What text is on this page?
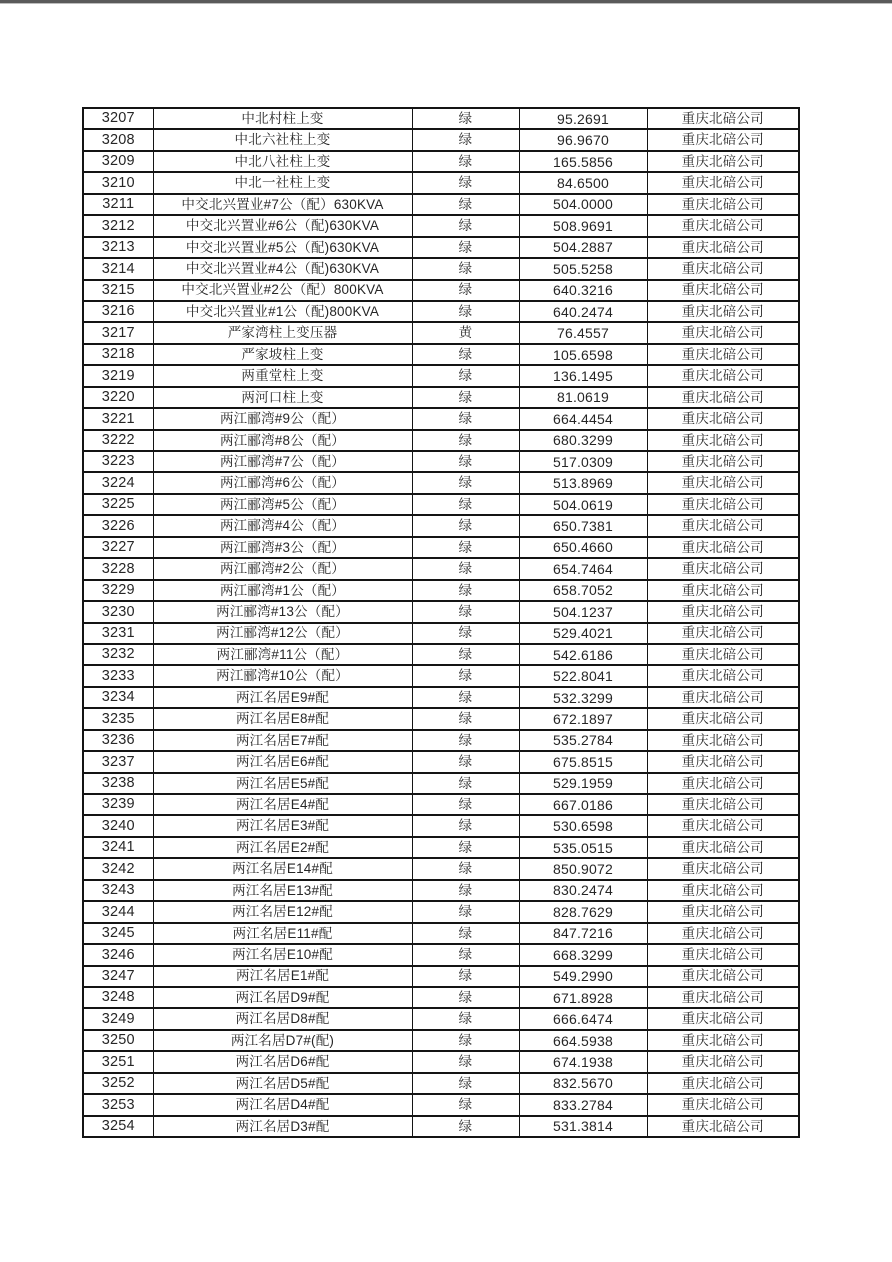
3207	中北村柱上变	绿	95.2691	重庆北碚公司
3208	中北六社柱上变	绿	96.9670	重庆北碚公司
3209	中北八社柱上变	绿	165.5856	重庆北碚公司
3210	中北一社柱上变	绿	84.6500	重庆北碚公司
3211	中交北兴置业#7公（配）630KVA	绿	504.0000	重庆北碚公司
3212	中交北兴置业#6公（配)630KVA	绿	508.9691	重庆北碚公司
3213	中交北兴置业#5公（配)630KVA	绿	504.2887	重庆北碚公司
3214	中交北兴置业#4公（配)630KVA	绿	505.5258	重庆北碚公司
3215	中交北兴置业#2公（配）800KVA	绿	640.3216	重庆北碚公司
3216	中交北兴置业#1公（配)800KVA	绿	640.2474	重庆北碚公司
3217	严家湾柱上变压器	黄	76.4557	重庆北碚公司
3218	严家坡柱上变	绿	105.6598	重庆北碚公司
3219	两重堂柱上变	绿	136.1495	重庆北碚公司
3220	两河口柱上变	绿	81.0619	重庆北碚公司
3221	两江郦湾#9公（配）	绿	664.4454	重庆北碚公司
3222	两江郦湾#8公（配）	绿	680.3299	重庆北碚公司
3223	两江郦湾#7公（配）	绿	517.0309	重庆北碚公司
3224	两江郦湾#6公（配）	绿	513.8969	重庆北碚公司
3225	两江郦湾#5公（配）	绿	504.0619	重庆北碚公司
3226	两江郦湾#4公（配）	绿	650.7381	重庆北碚公司
3227	两江郦湾#3公（配）	绿	650.4660	重庆北碚公司
3228	两江郦湾#2公（配）	绿	654.7464	重庆北碚公司
3229	两江郦湾#1公（配）	绿	658.7052	重庆北碚公司
3230	两江郦湾#13公（配）	绿	504.1237	重庆北碚公司
3231	两江郦湾#12公（配）	绿	529.4021	重庆北碚公司
3232	两江郦湾#11公（配）	绿	542.6186	重庆北碚公司
3233	两江郦湾#10公（配）	绿	522.8041	重庆北碚公司
3234	两江名居E9#配	绿	532.3299	重庆北碚公司
3235	两江名居E8#配	绿	672.1897	重庆北碚公司
3236	两江名居E7#配	绿	535.2784	重庆北碚公司
3237	两江名居E6#配	绿	675.8515	重庆北碚公司
3238	两江名居E5#配	绿	529.1959	重庆北碚公司
3239	两江名居E4#配	绿	667.0186	重庆北碚公司
3240	两江名居E3#配	绿	530.6598	重庆北碚公司
3241	两江名居E2#配	绿	535.0515	重庆北碚公司
3242	两江名居E14#配	绿	850.9072	重庆北碚公司
3243	两江名居E13#配	绿	830.2474	重庆北碚公司
3244	两江名居E12#配	绿	828.7629	重庆北碚公司
3245	两江名居E11#配	绿	847.7216	重庆北碚公司
3246	两江名居E10#配	绿	668.3299	重庆北碚公司
3247	两江名居E1#配	绿	549.2990	重庆北碚公司
3248	两江名居D9#配	绿	671.8928	重庆北碚公司
3249	两江名居D8#配	绿	666.6474	重庆北碚公司
3250	两江名居D7#(配)	绿	664.5938	重庆北碚公司
3251	两江名居D6#配	绿	674.1938	重庆北碚公司
3252	两江名居D5#配	绿	832.5670	重庆北碚公司
3253	两江名居D4#配	绿	833.2784	重庆北碚公司
3254	两江名居D3#配	绿	531.3814	重庆北碚公司
